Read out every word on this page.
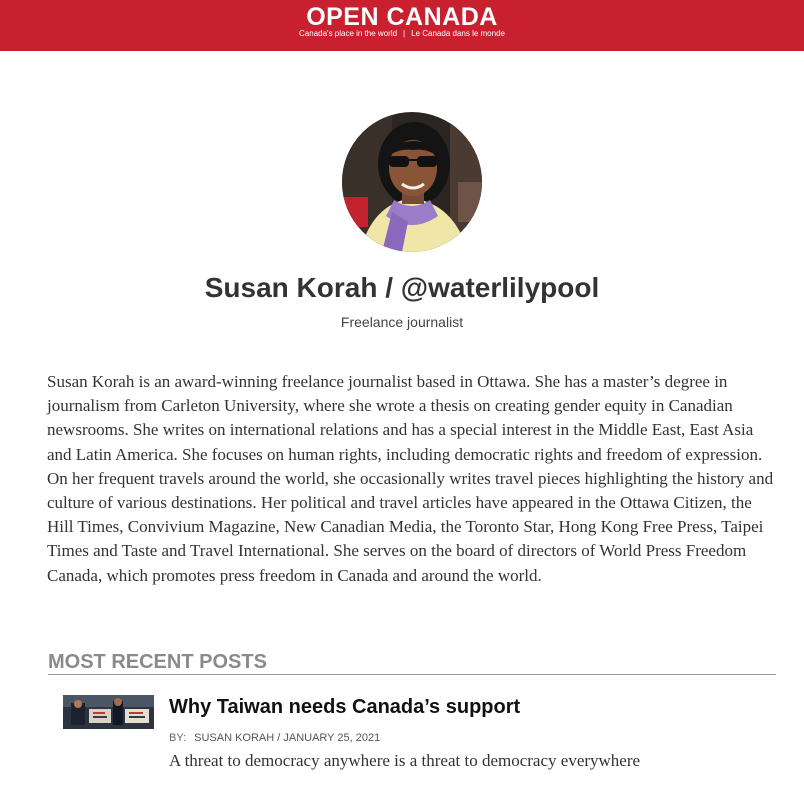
OPEN CANADA
Canada's place in the world | Le Canada dans le monde
Susan Korah / @waterlilypool
Freelance journalist

Susan Korah is an award-winning freelance journalist based in Ottawa. She has a master’s degree in journalism from Carleton University, where she wrote a thesis on creating gender equity in Canadian newsrooms. She writes on international relations and has a special interest in the Middle East, East Asia and Latin America. She focuses on human rights, including democratic rights and freedom of expression. On her frequent travels around the world, she occasionally writes travel pieces highlighting the history and culture of various destinations. Her political and travel articles have appeared in the Ottawa Citizen, the Hill Times, Convivium Magazine, New Canadian Media, the Toronto Star, Hong Kong Free Press, Taipei Times and Taste and Travel International. She serves on the board of directors of World Press Freedom Canada, which promotes press freedom in Canada and around the world.

MOST RECENT POSTS
Why Taiwan needs Canada’s support
BY: SUSAN KORAH / JANUARY 25, 2021
A threat to democracy anywhere is a threat to democracy everywhere
